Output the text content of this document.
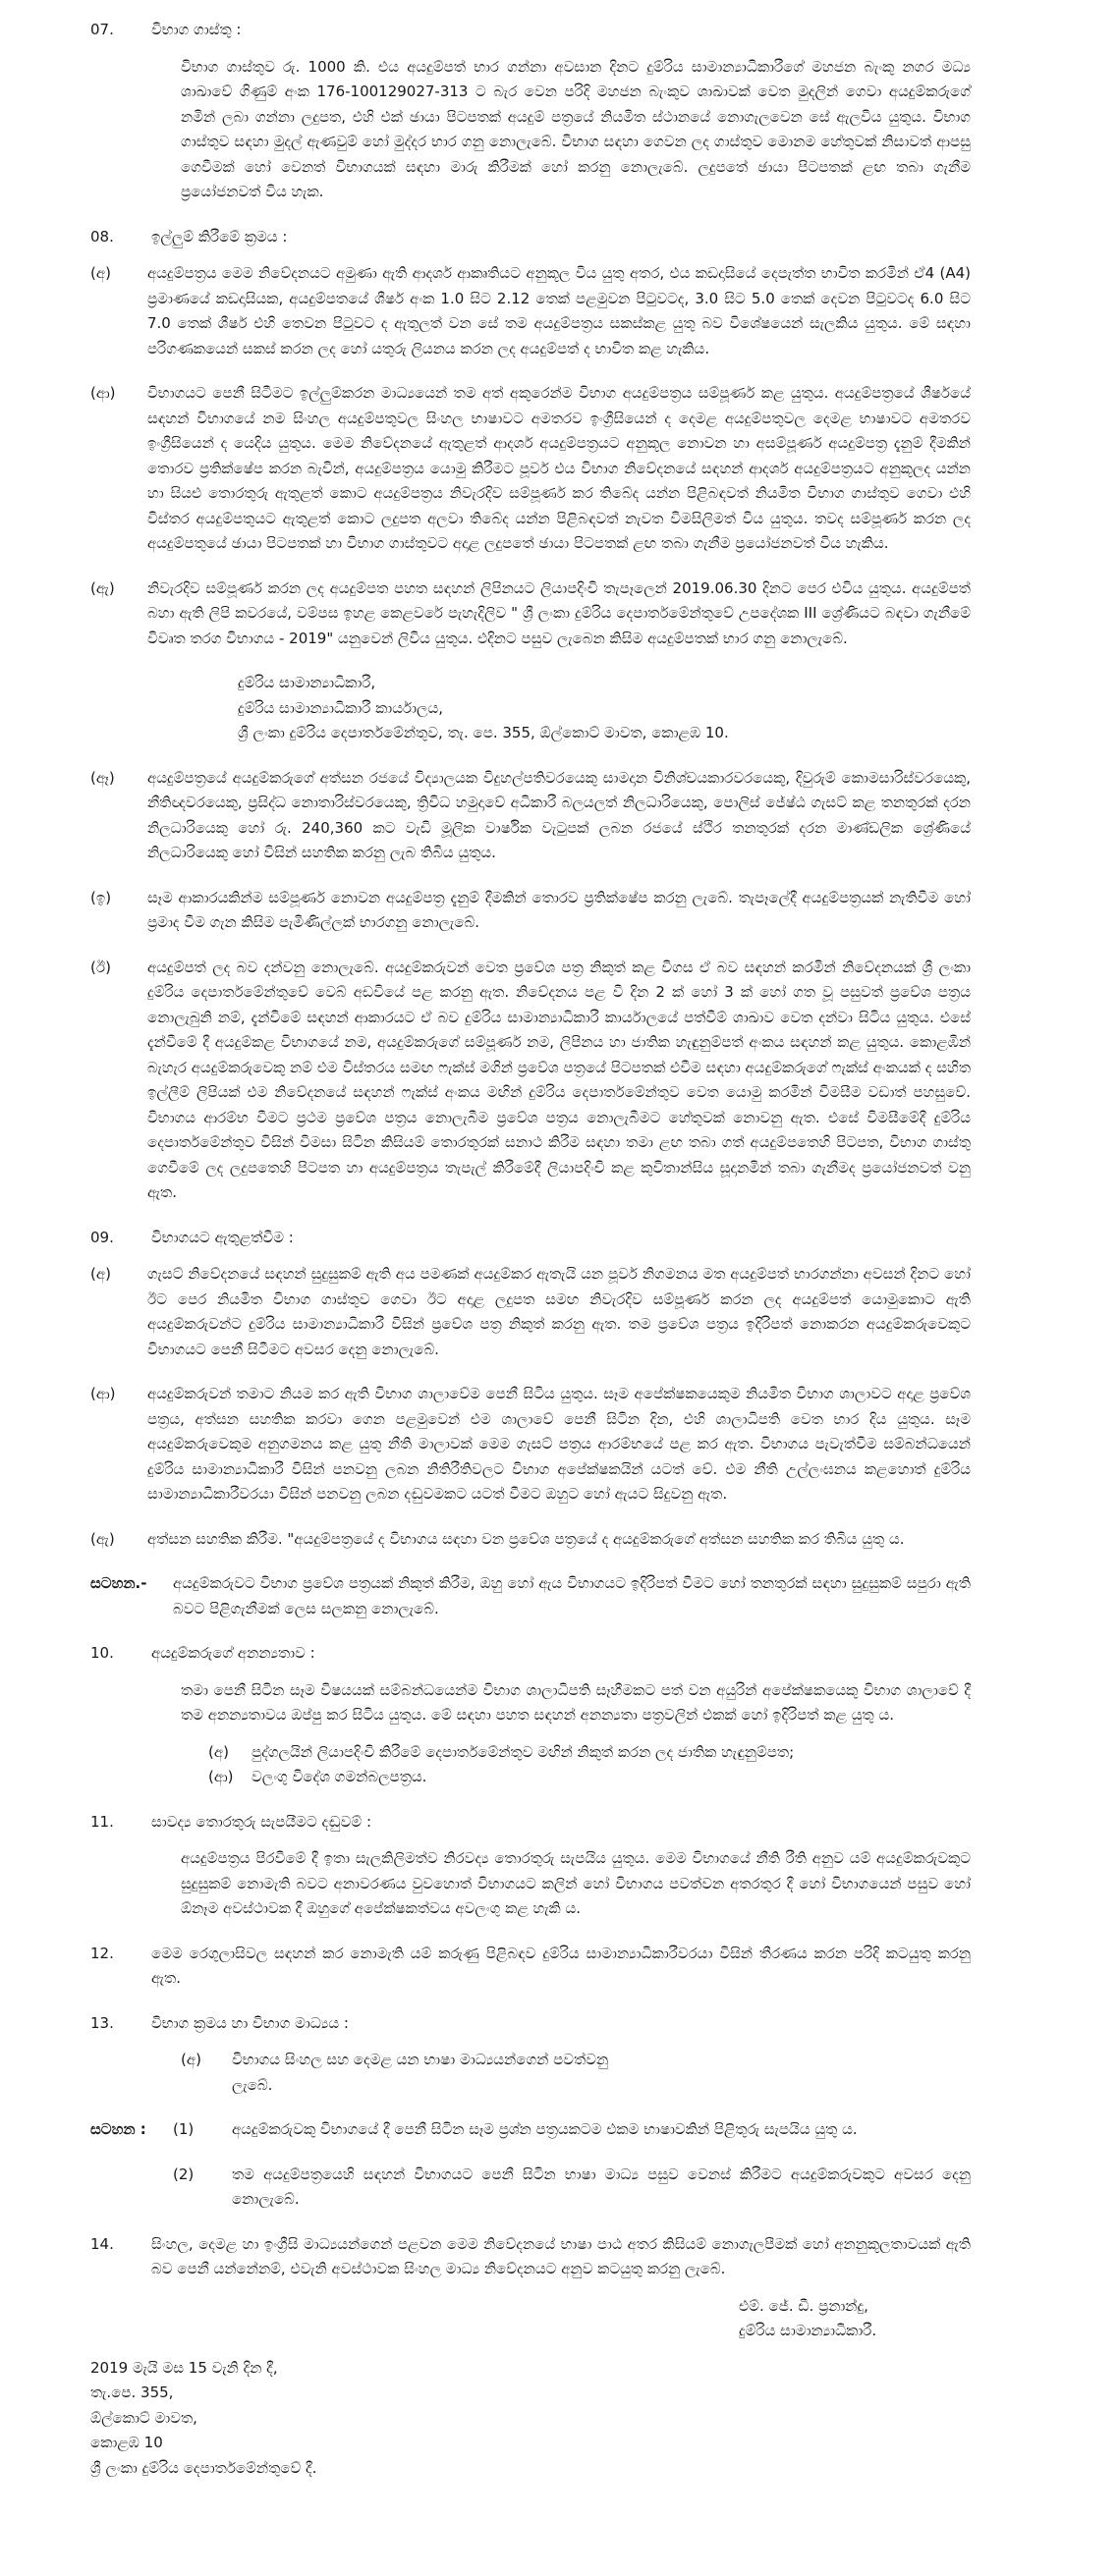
07.	විභාග ගාස්තු :

විභාග ගාස්තුව රු. 1000 කි. එය අයදුම්පත් භාර ගන්නා අවසාන දිනට දුම්රිය සාමාන්‍යාධිකාරීගේ මහජන බැංකු නගර මධ්‍ය ශාඛාවේ ගිණුම් අංක 176-100129027-313 ට බැර වෙන පරිදි මහජන බැංකුව ශාඛාවක් වෙත මුදලින් ගෙවා අයදුම්කරුගේ නමින් ලබා ගන්නා ලදුපත, එහි එක් ඡායා පිටපතක් අයදුම් පත්‍රයේ නියමිත ස්ථානයේ නොගැලවෙන සේ ඇලවිය යුතුය. විභාග ගාස්තුව සඳහා මුදල් ඇණවුම් හෝ මුද්දර භාර ගනු නොලැබේ. විභාග සඳහා ගෙවන ලද ගාස්තුව මොනම හේතුවක් නිසාවත් ආපසු ගෙවීමක් හෝ වෙනත් විභාගයක් සඳහා මාරු කිරීමක් හෝ කරනු නොලැබේ. ලදුපතේ ඡායා පිටපතක් ළඟ තබා ගැනීම ප්‍රයෝජනවත් විය හැක.

08.	ඉල්ලුම් කිරීමේ ක්‍රමය :
(අ)	අයදුම්පත්‍රය මෙම නිවේදනයට අමුණා ඇති ආදර්ශ ආකෘතියට අනුකූල විය යුතු අතර, එය කඩදාසියේ දෙපැත්ත භාවිත කරමින් ඒ4 (A4) ප්‍රමාණයේ කඩදාසියක, අයදුම්පතයේ ශීර්ෂ අංක 1.0 සිට 2.12 තෙක් පළමුවන පිටුවටද, 3.0 සිට 5.0 තෙක් දෙවන පිටුවටද 6.0 සිට 7.0 තෙක් ශීර්ෂ එහි තෙවන පිටුවට ද ඇතුලත් වන සේ තම අයදුම්පත්‍රය සකස්කළ යුතු බව විශේෂයෙන් සැලකිය යුතුය. මේ සඳහා පරිගණකයෙන් සකස් කරන ලද හෝ යතුරු ලියනය කරන ලද අයදුම්පත් ද භාවිත කළ හැකිය.
(ආ)	විභාගයට පෙනී සිටීමට ඉල්ලුම්කරන මාධ්‍යයෙන් තම අත් අකුරෙන්ම විභාග අයදුම්පත්‍රය සම්පූර්ණ කළ යුතුය. අයදුම්පත්‍රයේ ශීර්ෂයේ සඳහන් විභාගයේ නම සිංහල අයදුම්පතුවල සිංහල භාෂාවට අමතරව ඉංග්‍රීසියෙන් ද දෙමළ අයදුම්පතුවල දෙමළ භාෂාවට අමතරව ඉංග්‍රීසියෙන් ද යෙදිය යුතුය. මෙම නිවේදනයේ ඇතුළත් ආදර්ශ අයදුම්පත්‍රයට අනුකූල නොවන හා අසම්පූර්ණ අයදුම්පත්‍ර දැනුම් දීමකින් තොරව ප්‍රතික්ෂේප කරන බැවින්, අයදුම්පත්‍රය යොමු කිරීමට පූර්ව එය විභාග නිවේදනයේ සඳහන් ආදර්ශ අයදුම්පත්‍රයට අනුකූලද යන්න හා සියළු තොරතුරු ඇතුළත් කොට අයදුම්පත්‍රය නිවැරදිව සම්පූර්ණ කර තිබේද යන්න පිළිබඳවත් නියමිත විභාග ගාස්තුව ගෙවා එහි විස්තර අයදුම්පතුයට ඇතුළත් කොට ලදුපත අලවා තිබේද යන්න පිළිබඳවත් නැවත විමසිලිමත් විය යුතුය. තවද සම්පූර්ණ කරන ලද අයදුම්පතුයේ ඡායා පිටපතක් හා විභාග ගාස්තුවට අදාළ ලදුපතේ ඡායා පිටපතක් ළඟ තබා ගැනීම ප්‍රයෝජනවත් විය හැකිය.
(ඇ)	නිවැරදිව සම්පූර්ණ කරන ලද අයදුම්පත පහත සඳහන් ලිපිනයට ලියාපදිංචි තැපෑලෙන් 2019.06.30 දිනට පෙර එවිය යුතුය. අයදුම්පත් බහා ඇති ලිපි කවරයේ, වම්පස ඉහළ කෙළවරේ පැහැදිලිව " ශ්‍රී ලංකා දුම්රිය දෙපාර්තමේන්තුවේ උපදේශක III ශ්‍රේණියට බඳවා ගැනීමේ විවෘත තරග විභාගය - 2019" යනුවෙන් ලිවිය යුතුය. එදිනට පසුව ලැබෙන කිසිම අයදුම්පතක් භාර ගනු නොලැබේ.
දුම්රිය සාමාන්‍යාධිකාරී,
දුම්රිය සාමාන්‍යාධිකාරී කාර්යාලය,
ශ්‍රී ලංකා දුම්රිය දෙපාර්තමේන්තුව, තැ. පෙ. 355, ඕල්කොට් මාවත, කොළඹ 10.
(ඈ)	අයදුම්පත්‍රයේ අයදුම්කරුගේ අත්සන රජයේ විද්‍යාලයක විදුහල්පතිවරයෙකු සාමදාන විනිශ්චයකාරවරයෙකු, දිවුරුම් කොමසාරිස්වරයෙකු, නීතිඥවරයෙකු, ප්‍රසිද්ධ නොතාරිස්වරයෙකු, ත්‍රිවිධ හමුදාවේ අධිකාරී බලයලත් නිලධාරියෙකු, පොලිස් ජේෂ්ඨ ගැසට් කළ තනතුරක් දරන නිලධාරියෙකු හෝ රු. 240,360 කට වැඩි මූලික වාර්ෂික වැටුපක් ලබන රජයේ ස්ථිර තනතුරක් දරන මාණ්ඩලික ශ්‍රේණියේ නිලධාරියෙකු හෝ විසින් සහතික කරනු ලැබ තිබිය යුතුය.
(ඉ)	සෑම ආකාරයකින්ම සම්පූර්ණ නොවන අයදුම්පත්‍ර දැනුම් දීමකින් තොරව ප්‍රතික්ෂේප කරනු ලැබේ. තැපෑලේදී අයදුම්පත්‍රයක් නැතිවීම හෝ ප්‍රමාද වීම ගැන කිසිම පැමිණිල්ලක් භාරගනු නොලැබේ.
(ඊ)	අයදුම්පත් ලද බව දන්වනු නොලැබේ. අයදුම්කරුවන් වෙත ප්‍රවේශ පත්‍ර නිකුත් කළ විගස ඒ බව සඳහන් කරමින් නිවේදනයක් ශ්‍රී ලංකා දුම්රිය දෙපාර්තමේන්තුවේ වෙබ් අඩවියේ පළ කරනු ඇත. නිවේදනය පළ වී දින 2 ක් හෝ 3 ක් හෝ ගත වූ පසුවත් ප්‍රවේශ පත්‍රය නොලැබුනි නම්, දැන්වීමේ සඳහන් ආකාරයට ඒ බව දුම්රිය සාමාන්‍යාධිකාරී කාර්යාලයේ පත්වීම් ශාඛාව වෙත දන්වා සිටිය යුතුය. එසේ දැන්වීමේ දී අයදුම්කළ විභාගයේ නම, අයදුම්කරුගේ සම්පූර්ණ නම, ලිපිනය හා ජාතික හැඳුනුම්පත් අංකය සඳහන් කළ යුතුය. කොළඹින් බැහැර අයදුම්කරුවෙකු නම් එම විස්තරය සමඟ ෆැක්ස් මගින් ප්‍රවේශ පත්‍රයේ පිටපතක් එවීම සඳහා අයදුම්කරුගේ ෆැක්ස් අංකයක් ද සහිත ඉල්ලීම් ලිපියක් එම නිවේදනයේ සඳහන් ෆැක්ස් අංකය මඟින් දුම්රිය දෙපාර්තමේන්තුව වෙත යොමු කරමින් විමසීම වඩාත් පහසුවේ. විභාගය ආරම්භ වීමට ප්‍රථම ප්‍රවේශ පත්‍රය නොලැබීම ප්‍රවේශ පත්‍රය නොලැබීමට හේතුවක් නොවනු ඇත. එසේ විමසීමේදී දුම්රිය දෙපාර්තමේන්තුව විසින් විමසා සිටින කිසියම් තොරතුරක් සනාථ කිරීම සඳහා තමා ළඟ තබා ගත් අයදුම්පතෙහි පිටපත, විභාග ගාස්තු ගෙවීමේ ලද ලදුපතෙහි පිටපත හා අයදුම්පත්‍රය තැපැල් කිරීමේදී ලියාපදිංචි කළ කුවිතාන්සිය සූදානමින් තබා ගැනීමද ප්‍රයෝජනවත් වනු ඇත.
09.	විභාගයට ඇතුළත්වීම :
(අ)	ගැසට් නිවේදනයේ සඳහන් සුදුසුකම් ඇති අය පමණක් අයදුම්කර ඇතැයි යන පූර්ව නිගමනය මත අයදුම්පත් භාරගන්නා අවසන් දිනට හෝ ඊට පෙර නියමිත විභාග ගාස්තුව ගෙවා ඊට අදාළ ලදුපත සමඟ නිවැරදිව සම්පූර්ණ කරන ලද අයදුම්පත් යොමුකොට ඇති අයදුම්කරුවන්ට දුම්රිය සාමාන්‍යාධිකාරී විසින් ප්‍රවේශ පත්‍ර නිකුත් කරනු ඇත. තම ප්‍රවේශ පත්‍රය ඉදිරිපත් නොකරන අයදුම්කරුවෙකුට විභාගයට පෙනී සිටීමට අවසර දෙනු නොලැබේ.
(ආ)	අයදුම්කරුවන් තමාට නියම කර ඇති විභාග ශාලාවේම පෙනී සිටිය යුතුය. සෑම අපේක්ෂකයෙකුම නියමිත විභාග ශාලාවට අදාළ ප්‍රවේශ පත්‍රය, අත්සන සහතික කරවා ගෙන පළමුවෙන් එම ශාලාවේ පෙනී සිටින දින, එහි ශාලාධිපති වෙත භාර දිය යුතුය. සෑම අයදුම්කරුවෙකුම අනුගමනය කළ යුතු නීති මාලාවක් මෙම ගැසට් පත්‍රය ආරම්භයේ පළ කර ඇත. විභාගය පැවැත්වීම සම්බන්ධයෙන් දුම්රිය සාමාන්‍යාධිකාරී විසින් පනවනු ලබන නිතිරීතිවලට විභාග අපේක්ෂකයින් යටත් වේ. එම නීති උල්ලංඝනය කළහොත් දුම්රිය සාමාන්‍යාධිකාරීවරයා විසින් පනවනු ලබන දඬුවමකට යටත් වීමට ඔහුට හෝ ඇයට සිදුවනු ඇත.
(ඇ)	අත්සන සහතික කිරීම. "අයදුම්පත්‍රයේ ද විභාගය සඳහා වන ප්‍රවේශ පත්‍රයේ ද අයදුම්කරුගේ අත්සන සහතික කර තිබිය යුතු ය.
සටහන.-	අයදුම්කරුවට විභාග ප්‍රවේශ පත්‍රයක් නිකුත් කිරීම, ඔහු හෝ ඇය විභාගයට ඉදිරිපත් වීමට හෝ තනතුරක් සඳහා සුදුසුකම් සපුරා ඇති බවට පිළිගැනීමක් ලෙස සලකනු නොලැබේ.
10.	අයදුම්කරුගේ අනන්‍යතාව :

තමා පෙනී සිටින සෑම විෂයයක් සම්බන්ධයෙන්ම විභාග ශාලාධිපති සෑහීමකට පත් වන අයුරින් අපේක්ෂකයෙකු විභාග ශාලාවේ දී තම අනන්‍යතාවය ඔප්පු කර සිටිය යුතුය. මේ සඳහා පහත සඳහන් අනන්‍යතා පත්‍රවලින් එකක් හෝ ඉදිරිපත් කළ යුතු ය.

(අ)	පුද්ගලයින් ලියාපදිංචි කිරීමේ දෙපාර්තමේන්තුව මඟින් නිකුත් කරන ලද ජාතික හැඳුනුම්පත;
(ආ)	වලංගු විදේශ ගමන්බලපත්‍රය.
11.	සාවද්‍ය තොරතුරු සැපයීමට දඬුවම් :

අයදුම්පත්‍රය පිරවීමේ දී ඉතා සැලකිලිමත්ව නිරවද්‍ය තොරතුරු සැපයිය යුතුය. මෙම විභාගයේ නීති රීති අනුව යම් අයදුම්කරුවකුට සුදුසුකම් නොමැති බවට අනාවරණය වුවහොත් විභාගයට කලින් හෝ විභාගය පවත්වන අතරතුර දී හෝ විභාගයෙන් පසුව හෝ ඕනෑම අවස්ථාවක දී ඔහුගේ අපේක්ෂකත්වය අවලංගු කළ හැකි ය.

12.	මෙම රෙගුලාසිවල සඳහන් කර නොමැති යම් කරුණු පිළිබඳව දුම්රිය සාමාන්‍යාධිකාරීවරයා විසින් තීරණය කරන පරිදි කටයුතු කරනු ඇත.
13.	විභාග ක්‍රමය හා විභාග මාධ්‍යය :
(අ)	විභාගය සිංහල සහ දෙමළ යන භාෂා මාධ්‍යයන්ගෙන් පවත්වනු ලැබේ.
සටහන :	(1)	අයදුම්කරුවකු විභාගයේ දී පෙනී සිටින සෑම ප්‍රශ්න පත්‍රයකටම එකම භාෂාවකින් පිළිතුරු සැපයිය යුතු ය.
(2)	තම අයදුම්පත්‍රයෙහි සඳහන් විභාගයට පෙනී සිටින භාෂා මාධ්‍ය පසුව වෙනස් කිරීමට අයදුම්කරුවකුට අවසර දෙනු නොලැබේ.
14.	සිංහල, දෙමළ හා ඉංග්‍රීසි මාධ්‍යයන්ගෙන් පළවන මෙම නිවේදනයේ භාෂා පාඨ අතර කිසියම් නොගැලපීමක් හෝ අනනුකූලතාවයක් ඇති බව පෙනී යන්නේනම්, එවැනි අවස්ථාවක සිංහල මාධ්‍ය නිවේදනයට අනුව කටයුතු කරනු ලැබේ.
එම්. ජේ. ඩී. ප්‍රනාන්දු,
දුම්රිය සාමාන්‍යාධිකාරී.
2019 මැයි මස 15 වැනි දින දී,
තැ.පෙ. 355,
ඕල්කොට් මාවත,
කොළඹ 10
ශ්‍රී ලංකා දුම්රිය දෙපාර්තමේන්තුවේ දී.
